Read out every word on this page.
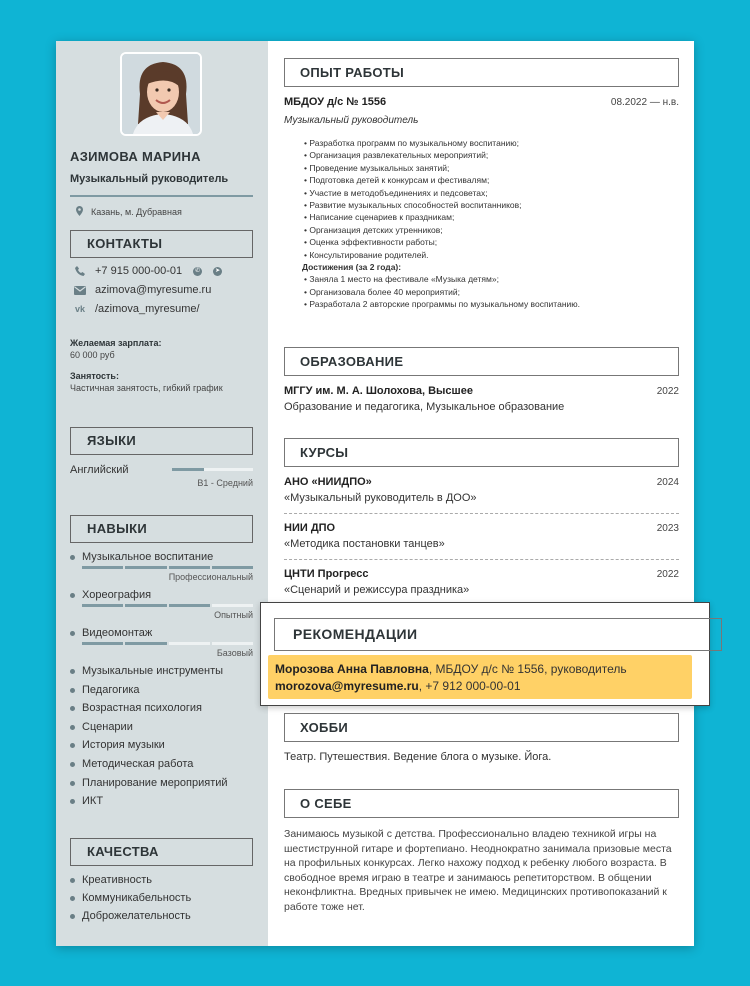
АЗИМОВА МАРИНА
Музыкальный руководитель
Казань, м. Дубравная
КОНТАКТЫ
+7 915 000-00-01	✆	➤
azimova@myresume.ru
vk /azimova_myresume/
Желаемая зарплата:
60 000 руб
Занятость:
Частичная занятость, гибкий график
ЯЗЫКИ
Английский
B1 - Средний
НАВЫКИ
Музыкальное воспитание
Профессиональный
Хореография
Опытный
Видеомонтаж
Базовый
Музыкальные инструменты
Педагогика
Возрастная психология
Сценарии
История музыки
Методическая работа
Планирование мероприятий
ИКТ
КАЧЕСТВА
Креативность
Коммуникабельность
Доброжелательность
ОПЫТ РАБОТЫ
МБДОУ д/с № 1556	08.2022 — н.в.
Музыкальный руководитель
• Разработка программ по музыкальному воспитанию;
• Организация развлекательных мероприятий;
• Проведение музыкальных занятий;
• Подготовка детей к конкурсам и фестивалям;
• Участие в методобъединениях и педсоветах;
• Развитие музыкальных способностей воспитанников;
• Написание сценариев к праздникам;
• Организация детских утренников;
• Оценка эффективности работы;
• Консультирование родителей.
Достижения (за 2 года):
• Заняла 1 место на фестивале «Музыка детям»;
• Организовала более 40 мероприятий;
• Разработала 2 авторские программы по музыкальному воспитанию.
ОБРАЗОВАНИЕ
МГГУ им. М. А. Шолохова, Высшее	2022
Образование и педагогика, Музыкальное образование
КУРСЫ
АНО «НИИДПО»	2024
«Музыкальный руководитель в ДОО»
НИИ ДПО	2023
«Методика постановки танцев»
ЦНТИ Прогресс	2022
«Сценарий и режиссура праздника»
ХОББИ
Театр. Путешествия. Ведение блога о музыке. Йога.
О СЕБЕ
Занимаюсь музыкой с детства. Профессионально владею техникой игры на шестиструнной гитаре и фортепиано. Неоднократно занимала призовые места на профильных конкурсах. Легко нахожу подход к ребенку любого возраста. В свободное время играю в театре и занимаюсь репетиторством. В общении неконфликтна. Вредных привычек не имею. Медицинских противопоказаний к работе тоже нет.
РЕКОМЕНДАЦИИ
Морозова Анна Павловна, МБДОУ д/с № 1556, руководитель
morozova@myresume.ru, +7 912 000-00-01
